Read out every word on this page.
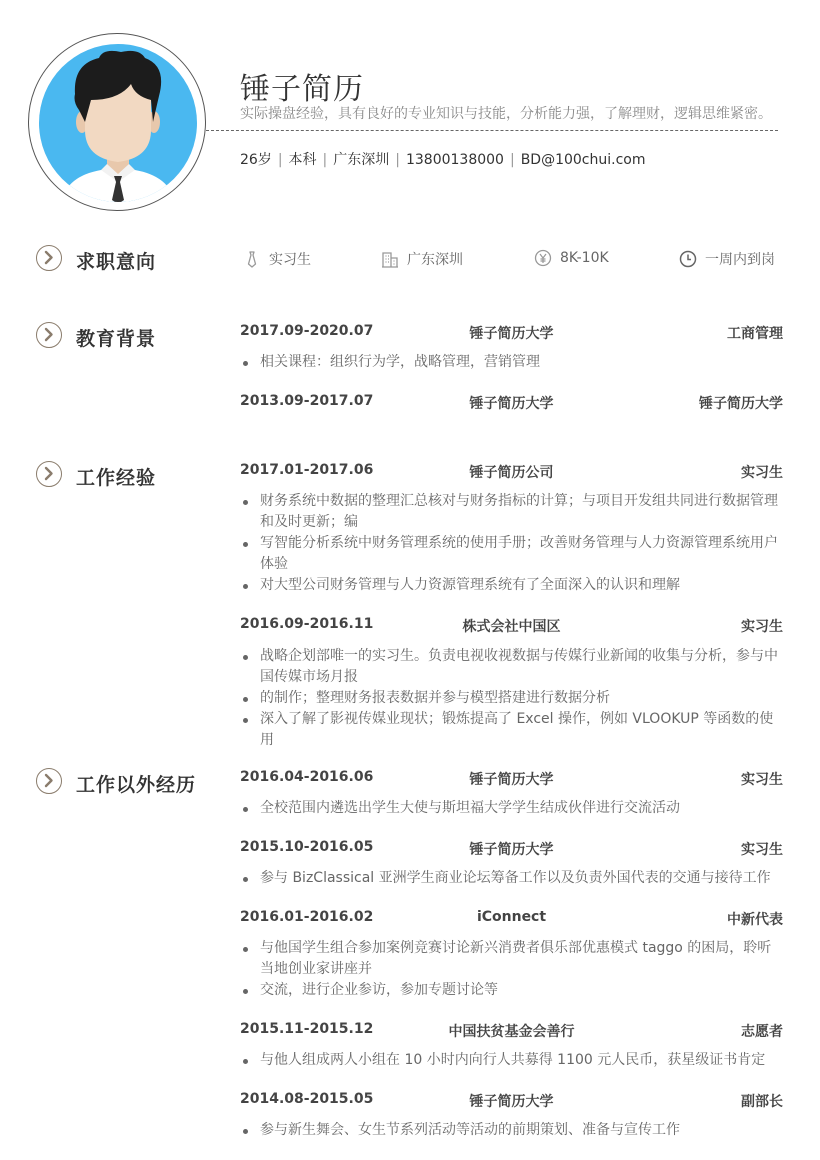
锤子简历
实际操盘经验，具有良好的专业知识与技能，分析能力强，了解理财，逻辑思维紧密。
26岁 | 本科 | 广东深圳 | 13800138000 | BD@100chui.com
求职意向	实习生	广东深圳	8K-10K	一周内到岗
教育背景	2017.09-2020.07	锤子简历大学	工商管理
相关课程：组织行为学，战略管理，营销管理
2013.09-2017.07	锤子简历大学	锤子简历大学
工作经验	2017.01-2017.06	锤子简历公司	实习生
财务系统中数据的整理汇总核对与财务指标的计算；与项目开发组共同进行数据管理和及时更新；编
写智能分析系统中财务管理系统的使用手册；改善财务管理与人力资源管理系统用户体验
对大型公司财务管理与人力资源管理系统有了全面深入的认识和理解
2016.09-2016.11	株式会社中国区	实习生
战略企划部唯一的实习生。负责电视收视数据与传媒行业新闻的收集与分析，参与中国传媒市场月报
的制作；整理财务报表数据并参与模型搭建进行数据分析
深入了解了影视传媒业现状；锻炼提高了 Excel 操作，例如 VLOOKUP 等函数的使用
工作以外经历	2016.04-2016.06	锤子简历大学	实习生
全校范围内遴选出学生大使与斯坦福大学学生结成伙伴进行交流活动
2015.10-2016.05	锤子简历大学	实习生
参与 BizClassical 亚洲学生商业论坛筹备工作以及负责外国代表的交通与接待工作
2016.01-2016.02	iConnect	中新代表
与他国学生组合参加案例竞赛讨论新兴消费者俱乐部优惠模式 taggo 的困局，聆听当地创业家讲座并
交流，进行企业参访，参加专题讨论等
2015.11-2015.12	中国扶贫基金会善行	志愿者
与他人组成两人小组在 10 小时内向行人共募得 1100 元人民币，获星级证书肯定
2014.08-2015.05	锤子简历大学	副部长
参与新生舞会、女生节系列活动等活动的前期策划、准备与宣传工作
